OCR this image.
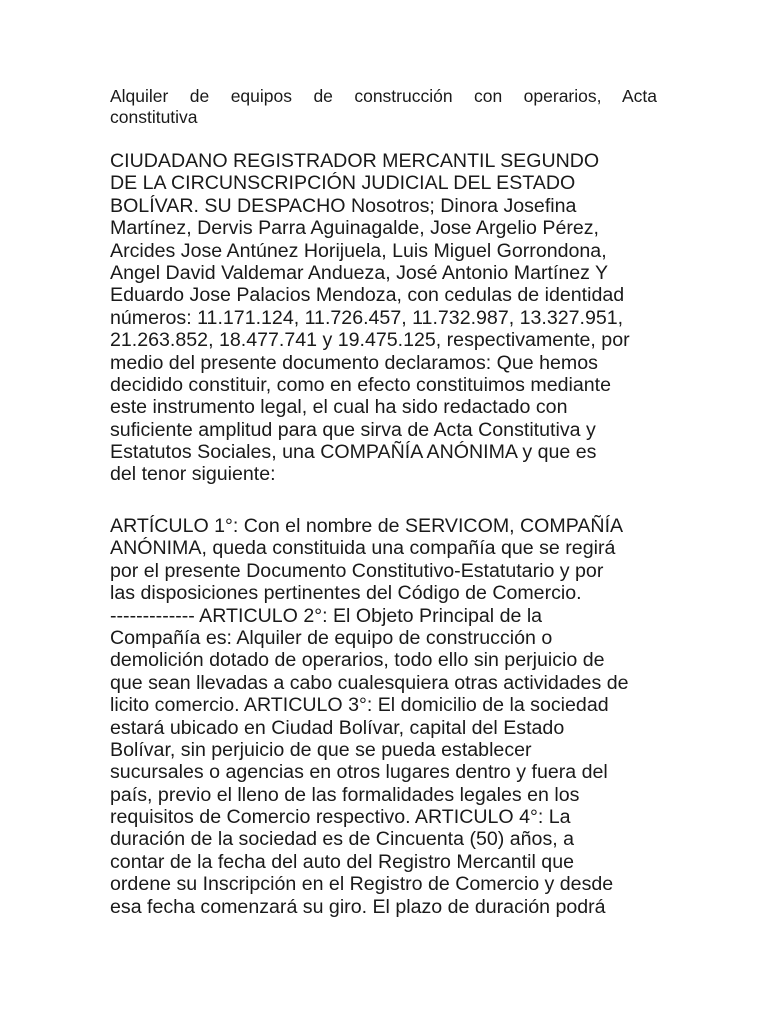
Alquiler de equipos de construcción con operarios, Acta
constitutiva
CIUDADANO REGISTRADOR MERCANTIL SEGUNDO
DE LA CIRCUNSCRIPCIÓN JUDICIAL DEL ESTADO
BOLÍVAR. SU DESPACHO Nosotros; Dinora Josefina
Martínez, Dervis Parra Aguinagalde, Jose Argelio Pérez,
Arcides Jose Antúnez Horijuela, Luis Miguel Gorrondona,
Angel David Valdemar Andueza, José Antonio Martínez Y
Eduardo Jose Palacios Mendoza, con cedulas de identidad
números: 11.171.124, 11.726.457, 11.732.987, 13.327.951,
21.263.852, 18.477.741 y 19.475.125, respectivamente, por
medio del presente documento declaramos: Que hemos
decidido constituir, como en efecto constituimos mediante
este instrumento legal, el cual ha sido redactado con
suficiente amplitud para que sirva de Acta Constitutiva y
Estatutos Sociales, una COMPAÑÍA ANÓNIMA y que es
del tenor siguiente:
ARTÍCULO 1°: Con el nombre de SERVICOM, COMPAÑÍA
ANÓNIMA, queda constituida una compañía que se regirá
por el presente Documento Constitutivo-Estatutario y por
las disposiciones pertinentes del Código de Comercio.
------------- ARTICULO 2°: El Objeto Principal de la
Compañía es: Alquiler de equipo de construcción o
demolición dotado de operarios, todo ello sin perjuicio de
que sean llevadas a cabo cualesquiera otras actividades de
licito comercio. ARTICULO 3°: El domicilio de la sociedad
estará ubicado en Ciudad Bolívar, capital del Estado
Bolívar, sin perjuicio de que se pueda establecer
sucursales o agencias en otros lugares dentro y fuera del
país, previo el lleno de las formalidades legales en los
requisitos de Comercio respectivo. ARTICULO 4°: La
duración de la sociedad es de Cincuenta (50) años, a
contar de la fecha del auto del Registro Mercantil que
ordene su Inscripción en el Registro de Comercio y desde
esa fecha comenzará su giro. El plazo de duración podrá
